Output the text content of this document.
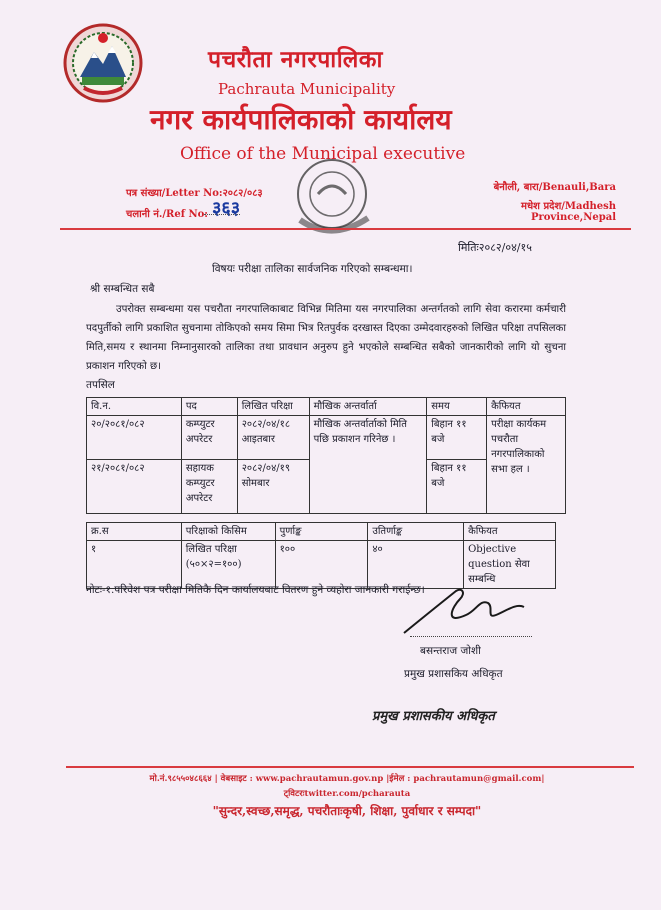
पचरौता नगरपालिका
Pachrauta Municipality
नगर कार्यपालिकाको कार्यालय
Office of the Municipal executive
पत्र संख्या/Letter No:२०८२/०८३
चलानी नं./Ref No: ३६३
बेनौली, बारा/Benauli,Bara
मधेश प्रदेश/Madhesh Province,Nepal
मितिः२०८२/०४/१५
विषयः परीक्षा तालिका सार्वजनिक गरिएको सम्बन्धमा।
श्री सम्बन्धित सबै
उपरोक्त सम्बन्धमा यस पचरौता नगरपालिकाबाट विभिन्न मितिमा यस नगरपालिका अन्तर्गतको लागि सेवा करारमा कर्मचारी पदपुर्तीको लागि प्रकाशित सुचनामा तोकिएको समय सिमा भित्र रितपुर्वक दरखास्त दिएका उम्मेदवारहरुको लिखित परिक्षा तपसिलका मिति,समय र स्थानमा निम्नानुसारको तालिका तथा प्रावधान अनुरुप हुने भएकोले सम्बन्धित सबैको जानकारीको लागि यो सुचना प्रकाशन गरिएको छ।
तपसिल
वि.न.	पद	लिखित परिक्षा	मौखिक अन्तर्वार्ता	समय	कैफियत
२०/२०८१/०८२	कम्प्युटर अपरेटर	२०८२/०४/१८ आइतबार	मौखिक अन्तर्वार्ताको मिति पछि प्रकाशन गरिनेछ ।	बिहान ११ बजे	परीक्षा कार्यकम पचरौता नगरपालिकाको सभा हल ।
२१/२०८१/०८२	सहायक कम्प्युटर अपरेटर	२०८२/०४/१९ सोमबार		बिहान ११ बजे	
क्र.स	परिक्षाको किसिम	पुर्णाङ्क	उतिर्णाङ्क	कैफियत
१	लिखित परिक्षा (५०×२=१००)	१००	४०	Objective question सेवा सम्बन्धि
नोटः-१.परिवेश पत्र परीक्षा मितिकै दिन कार्यालयबाट वितरण हुने व्यहोरा जानकारी गराईन्छ।
बसन्तराज जोशी
प्रमुख प्रशासकिय अधिकृत
प्रमुख प्रशासकीय अधिकृत
मो.नं.९८५५०४८६६४ | वेबसाइट : www.pachrautamun.gov.np |ईमेल : pachrautamun@gmail.com|
ट्विटरःtwitter.com/pcharauta
"सुन्दर,स्वच्छ,समृद्ध, पचरौताःकृषी, शिक्षा, पुर्वाधार र सम्पदा"
